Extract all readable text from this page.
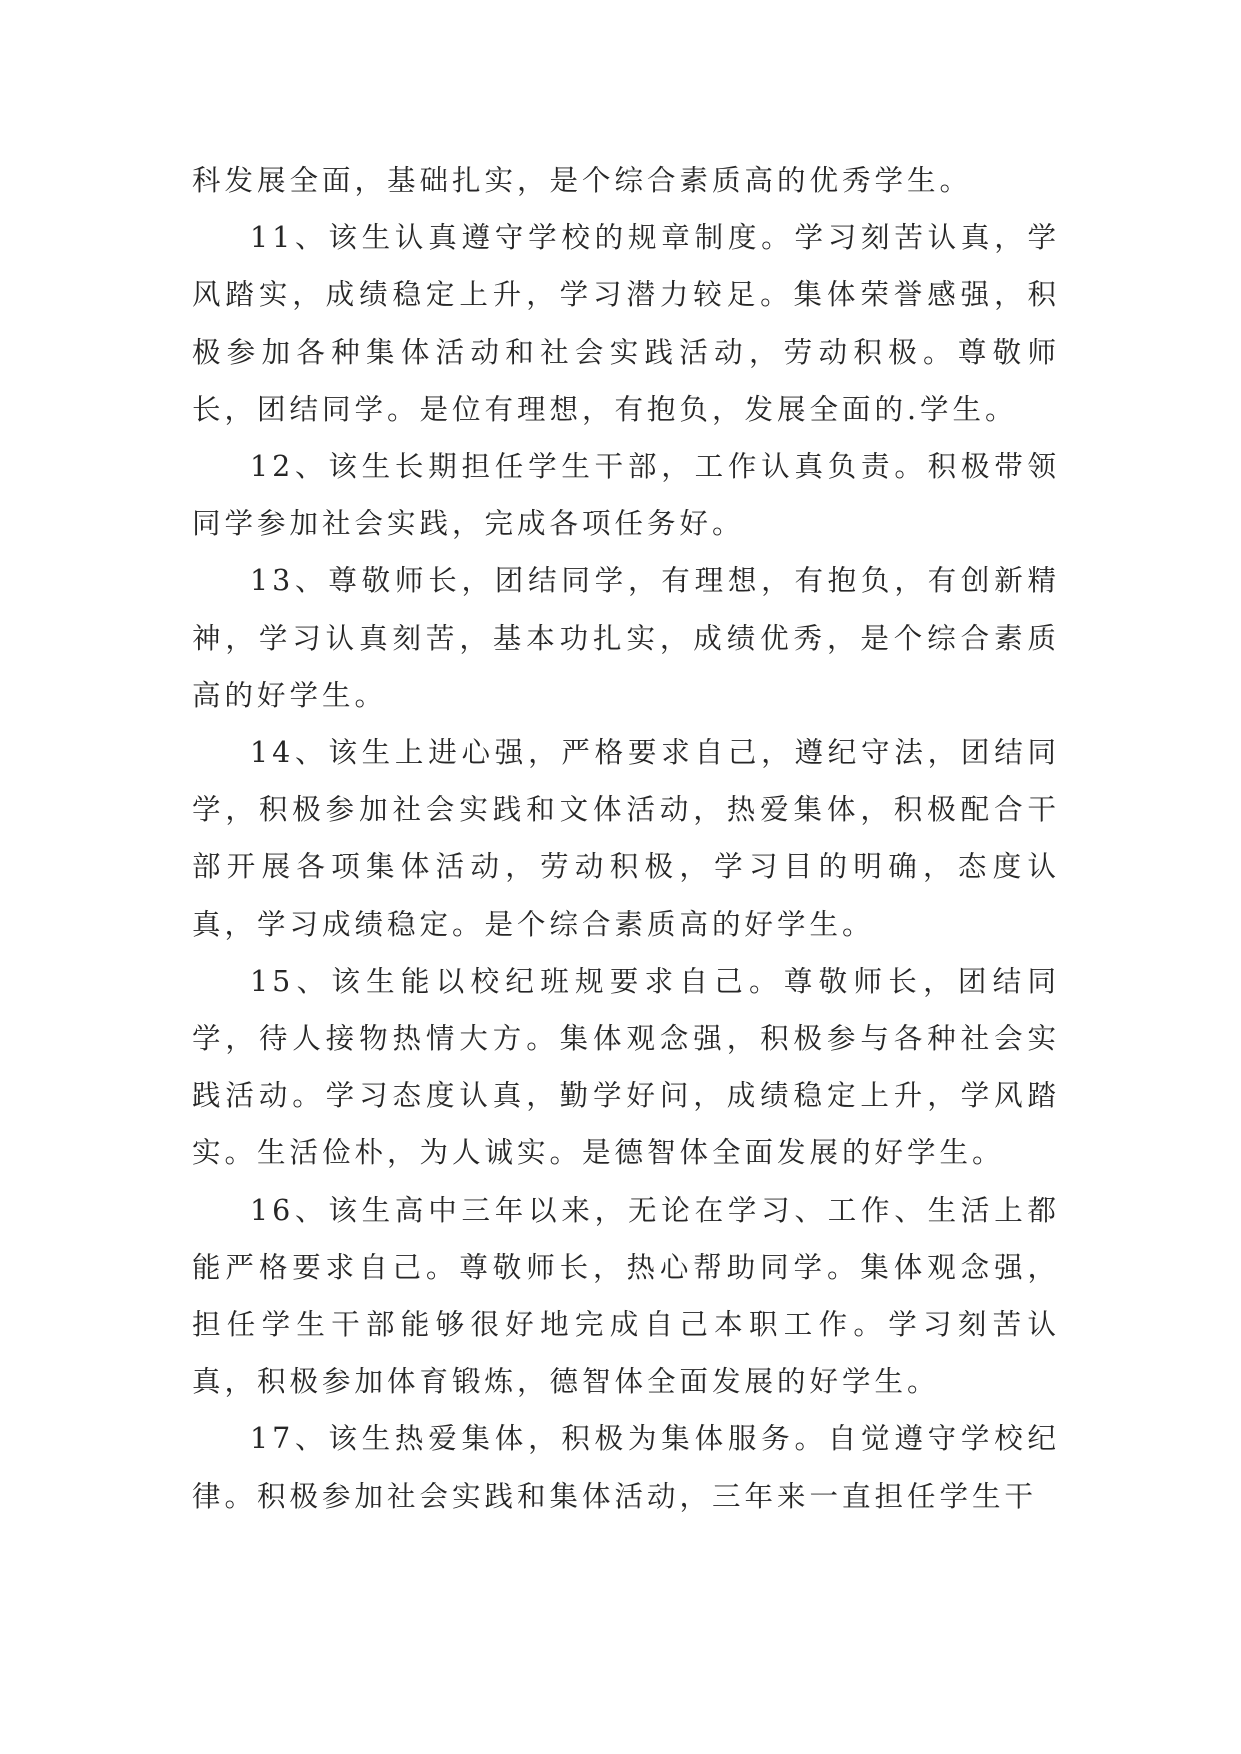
科发展全面，基础扎实，是个综合素质高的优秀学生。

11、该生认真遵守学校的规章制度。学习刻苦认真，学风踏实，成绩稳定上升，学习潜力较足。集体荣誉感强，积极参加各种集体活动和社会实践活动，劳动积极。尊敬师长，团结同学。是位有理想，有抱负，发展全面的.学生。

12、该生长期担任学生干部，工作认真负责。积极带领同学参加社会实践，完成各项任务好。

13、尊敬师长，团结同学，有理想，有抱负，有创新精神，学习认真刻苦，基本功扎实，成绩优秀，是个综合素质高的好学生。

14、该生上进心强，严格要求自己，遵纪守法，团结同学，积极参加社会实践和文体活动，热爱集体，积极配合干部开展各项集体活动，劳动积极，学习目的明确，态度认真，学习成绩稳定。是个综合素质高的好学生。

15、该生能以校纪班规要求自己。尊敬师长，团结同学，待人接物热情大方。集体观念强，积极参与各种社会实践活动。学习态度认真，勤学好问，成绩稳定上升，学风踏实。生活俭朴，为人诚实。是德智体全面发展的好学生。

16、该生高中三年以来，无论在学习、工作、生活上都能严格要求自己。尊敬师长，热心帮助同学。集体观念强，担任学生干部能够很好地完成自己本职工作。学习刻苦认真，积极参加体育锻炼，德智体全面发展的好学生。

17、该生热爱集体，积极为集体服务。自觉遵守学校纪律。积极参加社会实践和集体活动，三年来一直担任学生干
